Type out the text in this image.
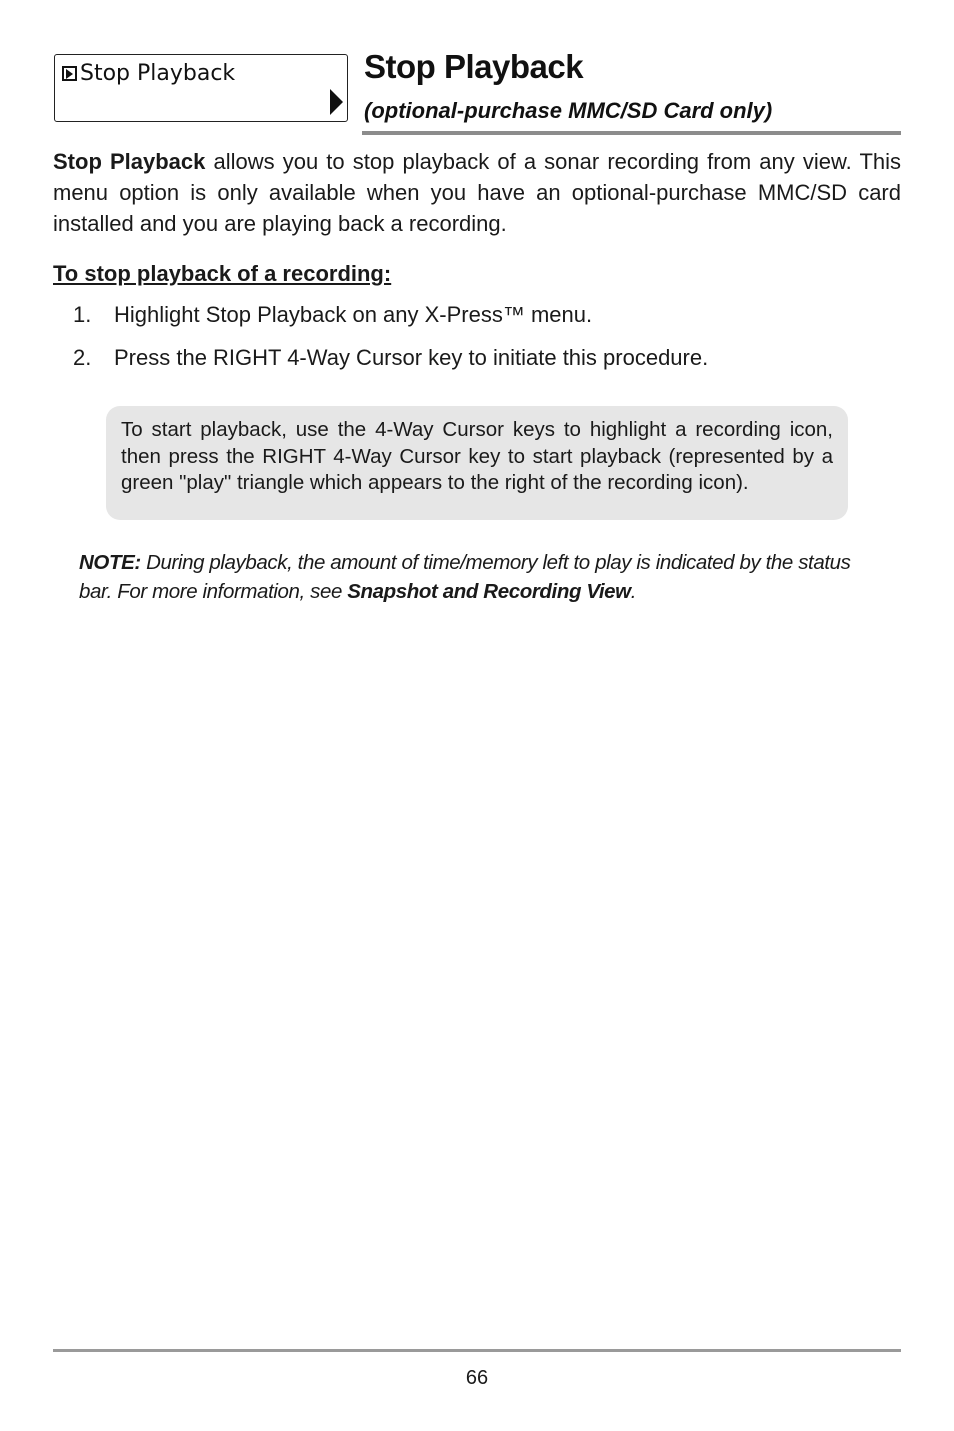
Stop Playback	Stop Playback
(optional-purchase MMC/SD Card only)

Stop Playback allows you to stop playback of a sonar recording from any view. This menu option is only available when you have an optional-purchase MMC/SD card installed and you are playing back a recording.

To stop playback of a recording:
1. Highlight Stop Playback on any X-Press™ menu.
2. Press the RIGHT 4-Way Cursor key to initiate this procedure.

To start playback, use the 4-Way Cursor keys to highlight a recording icon, then press the RIGHT 4-Way Cursor key to start playback (represented by a green "play" triangle which appears to the right of the recording icon).

NOTE: During playback, the amount of time/memory left to play is indicated by the status bar. For more information, see Snapshot and Recording View.

66
